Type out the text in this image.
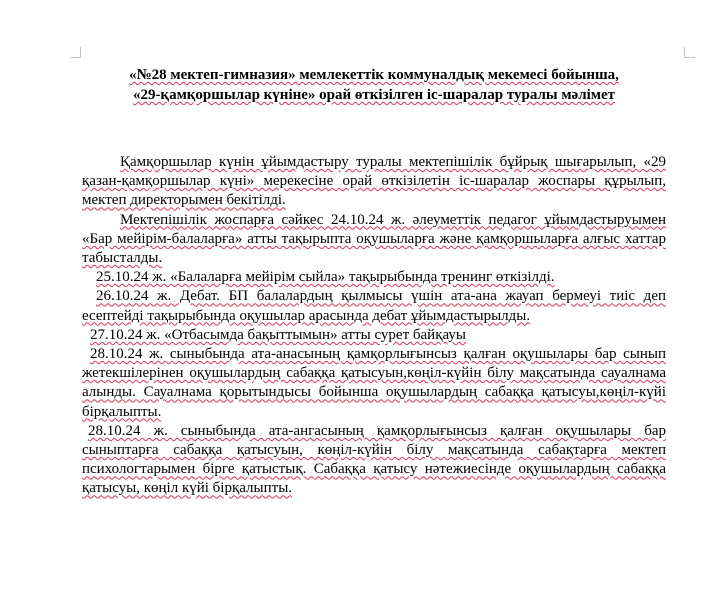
«№28 мектеп-гимназия» мемлекеттік коммуналдық мекемесі бойынша,
«29-қамқоршылар күніне» орай өткізілген іс-шаралар туралы мәлімет

Қамқоршылар күнін ұйымдастыру туралы мектепішілік бұйрық шығарылып, «29 қазан-қамқоршылар күні» мерекесіне орай өткізілетін іс-шаралар жоспары құрылып, мектеп директорымен бекітілді.

Мектепішілік жоспарға сәйкес 24.10.24 ж. әлеуметтік педагог ұйымдастыруымен «Бар мейірім-балаларға» атты тақырыпта оқушыларға және қамқоршыларға алғыс хаттар табысталды.

25.10.24 ж. «Балаларға мейірім сыйла» тақырыбында тренинг өткізілді.

26.10.24 ж. Дебат. БП балалардың қылмысы үшін ата-ана жауап бермеуі тиіс деп есептейді тақырыбында оқушылар арасында дебат ұйымдастырылды.

27.10.24 ж. «Отбасымда бақыттымын» атты сурет байқауы

28.10.24 ж. сыныбында ата-анасының қамқорлығынсыз қалған оқушылары бар сынып жетекшілерінен оқушылардың сабаққа қатысуын,көңіл-күйін білу мақсатында сауалнама алынды. Сауалнама қорытындысы бойынша оқушылардың сабаққа қатысуы,көңіл-күйі бірқалыпты.

28.10.24 ж. сыныбында ата-ангасының қамқорлығынсыз қалған оқушылары бар сыныптарға сабаққа қатысуын, көңіл-күйін білу мақсатында сабақтарға мектеп психологтарымен бірге қатыстық. Сабаққа қатысу нәтежиесінде оқушылардың сабаққа қатысуы, көңіл күйі бірқалыпты.
